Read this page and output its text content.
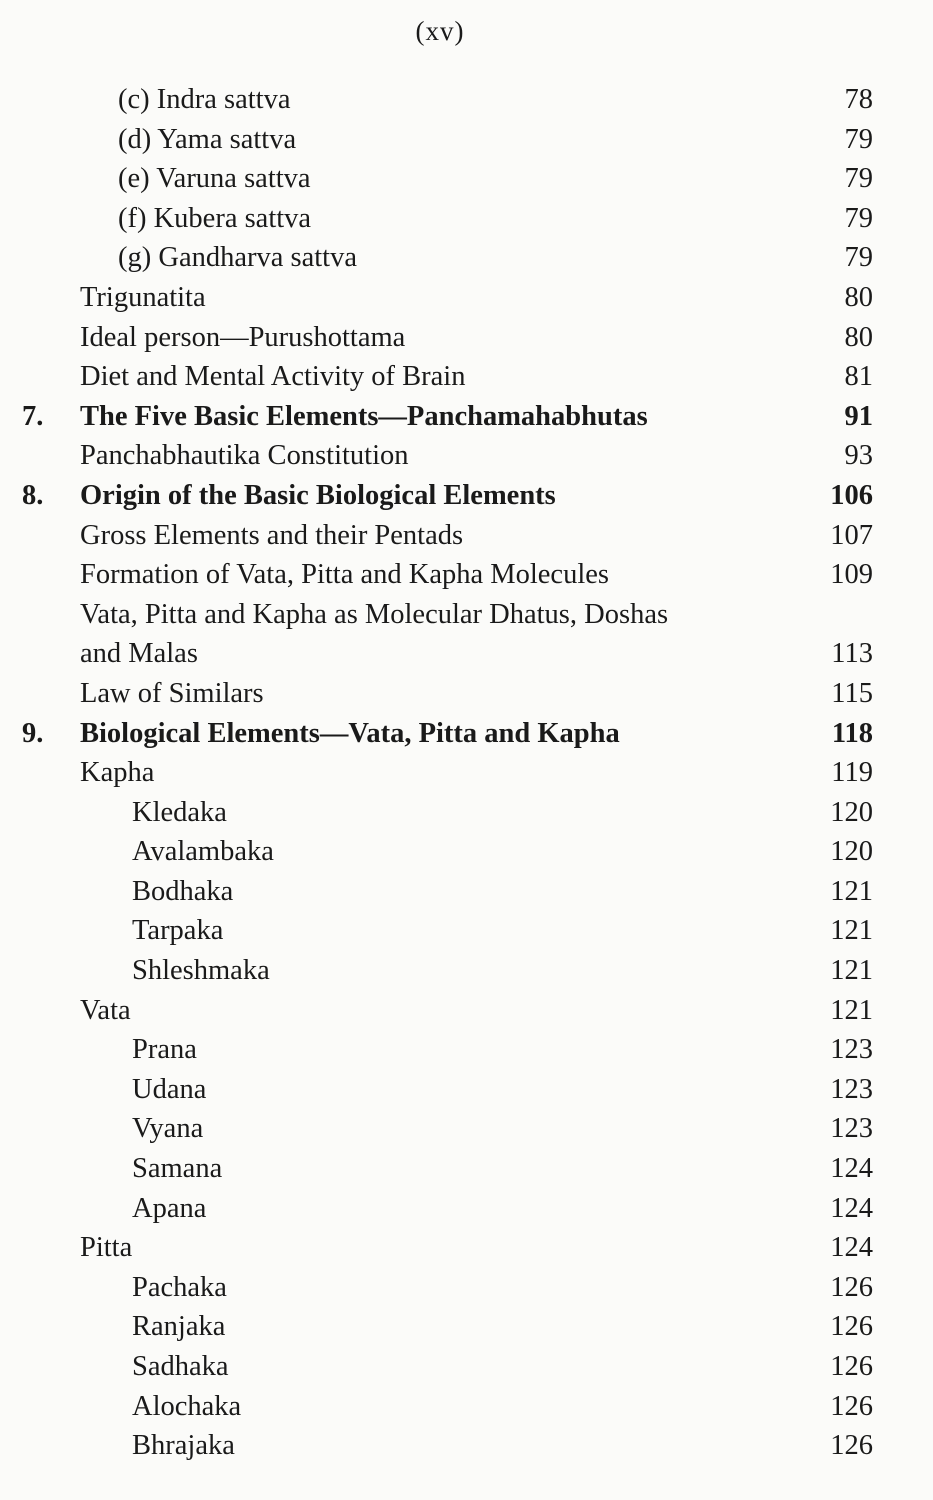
(xv)
(c) Indra sattva	78
(d) Yama sattva	79
(e) Varuna sattva	79
(f) Kubera sattva	79
(g) Gandharva sattva	79
Trigunatita	80
Ideal person—Purushottama	80
Diet and Mental Activity of Brain	81
7. The Five Basic Elements—Panchamahabhutas	91
Panchabhautika Constitution	93
8. Origin of the Basic Biological Elements	106
Gross Elements and their Pentads	107
Formation of Vata, Pitta and Kapha Molecules	109
Vata, Pitta and Kapha as Molecular Dhatus, Doshas
and Malas	113
Law of Similars	115
9. Biological Elements—Vata, Pitta and Kapha	118
Kapha	119
Kledaka	120
Avalambaka	120
Bodhaka	121
Tarpaka	121
Shleshmaka	121
Vata	121
Prana	123
Udana	123
Vyana	123
Samana	124
Apana	124
Pitta	124
Pachaka	126
Ranjaka	126
Sadhaka	126
Alochaka	126
Bhrajaka	126
